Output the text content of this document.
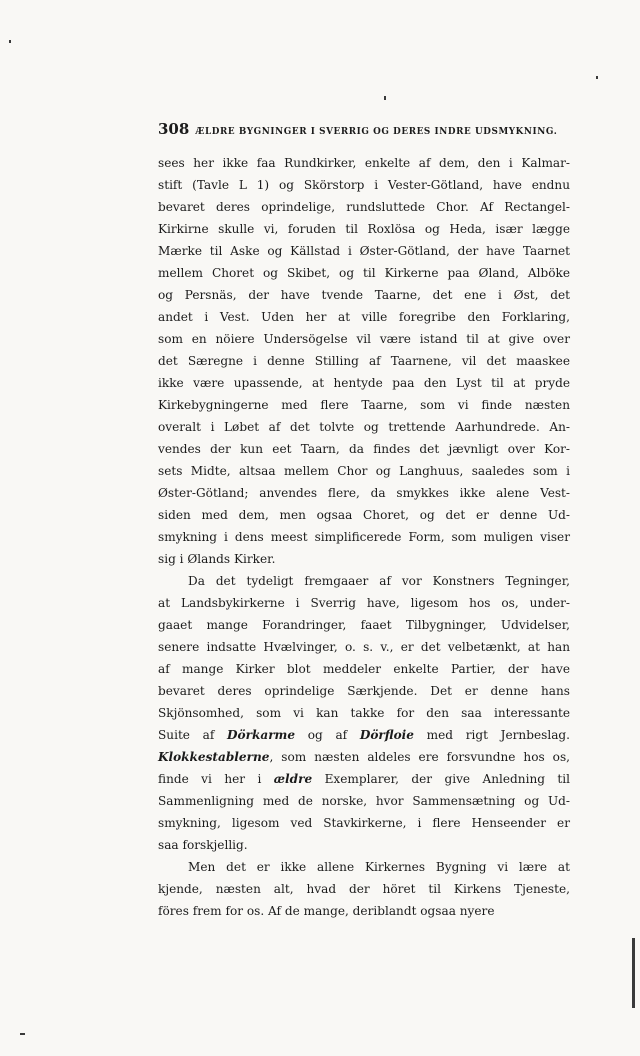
308 ÆLDRE BYGNINGER I SVERRIG OG DERES INDRE UDSMYKNING.

sees her ikke faa Rundkirker, enkelte af dem, den i Kalmar-
stift (Tavle L 1) og Skörstorp i Vester-Götland, have endnu
bevaret deres oprindelige, rundsluttede Chor. Af Rectangel-
Kirkirne skulle vi, foruden til Roxlösa og Heda, især lægge
Mærke til Aske og Källstad i Øster-Götland, der have Taarnet
mellem Choret og Skibet, og til Kirkerne paa Øland, Alböke
og Persnäs, der have tvende Taarne, det ene i Øst, det
andet i Vest. Uden her at ville foregribe den Forklaring,
som en nöiere Undersögelse vil være istand til at give over
det Særegne i denne Stilling af Taarnene, vil det maaskee
ikke være upassende, at hentyde paa den Lyst til at pryde
Kirkebygningerne med flere Taarne, som vi finde næsten
overalt i Løbet af det tolvte og trettende Aarhundrede. An-
vendes der kun eet Taarn, da findes det jævnligt over Kor-
sets Midte, altsaa mellem Chor og Langhuus, saaledes som i
Øster-Götland; anvendes flere, da smykkes ikke alene Vest-
siden med dem, men ogsaa Choret, og det er denne Ud-
smykning i dens meest simplificerede Form, som muligen viser
sig i Ølands Kirker.

Da det tydeligt fremgaaer af vor Konstners Tegninger,
at Landsbykirkerne i Sverrig have, ligesom hos os, under-
gaaet mange Forandringer, faaet Tilbygninger, Udvidelser,
senere indsatte Hvælvinger, o. s. v., er det velbetænkt, at han
af mange Kirker blot meddeler enkelte Partier, der have
bevaret deres oprindelige Særkjende. Det er denne hans
Skjönsomhed, som vi kan takke for den saa interessante
Suite af Dörkarme og af Dörfloie med rigt Jernbeslag.
Klokkestablerne, som næsten aldeles ere forsvundne hos os,
finde vi her i ældre Exemplarer, der give Anledning til
Sammenligning med de norske, hvor Sammensætning og Ud-
smykning, ligesom ved Stavkirkerne, i flere Henseender er
saa forskjellig.

Men det er ikke allene Kirkernes Bygning vi lære at
kjende, næsten alt, hvad der höret til Kirkens Tjeneste,
föres frem for os. Af de mange, deriblandt ogsaa nyere
